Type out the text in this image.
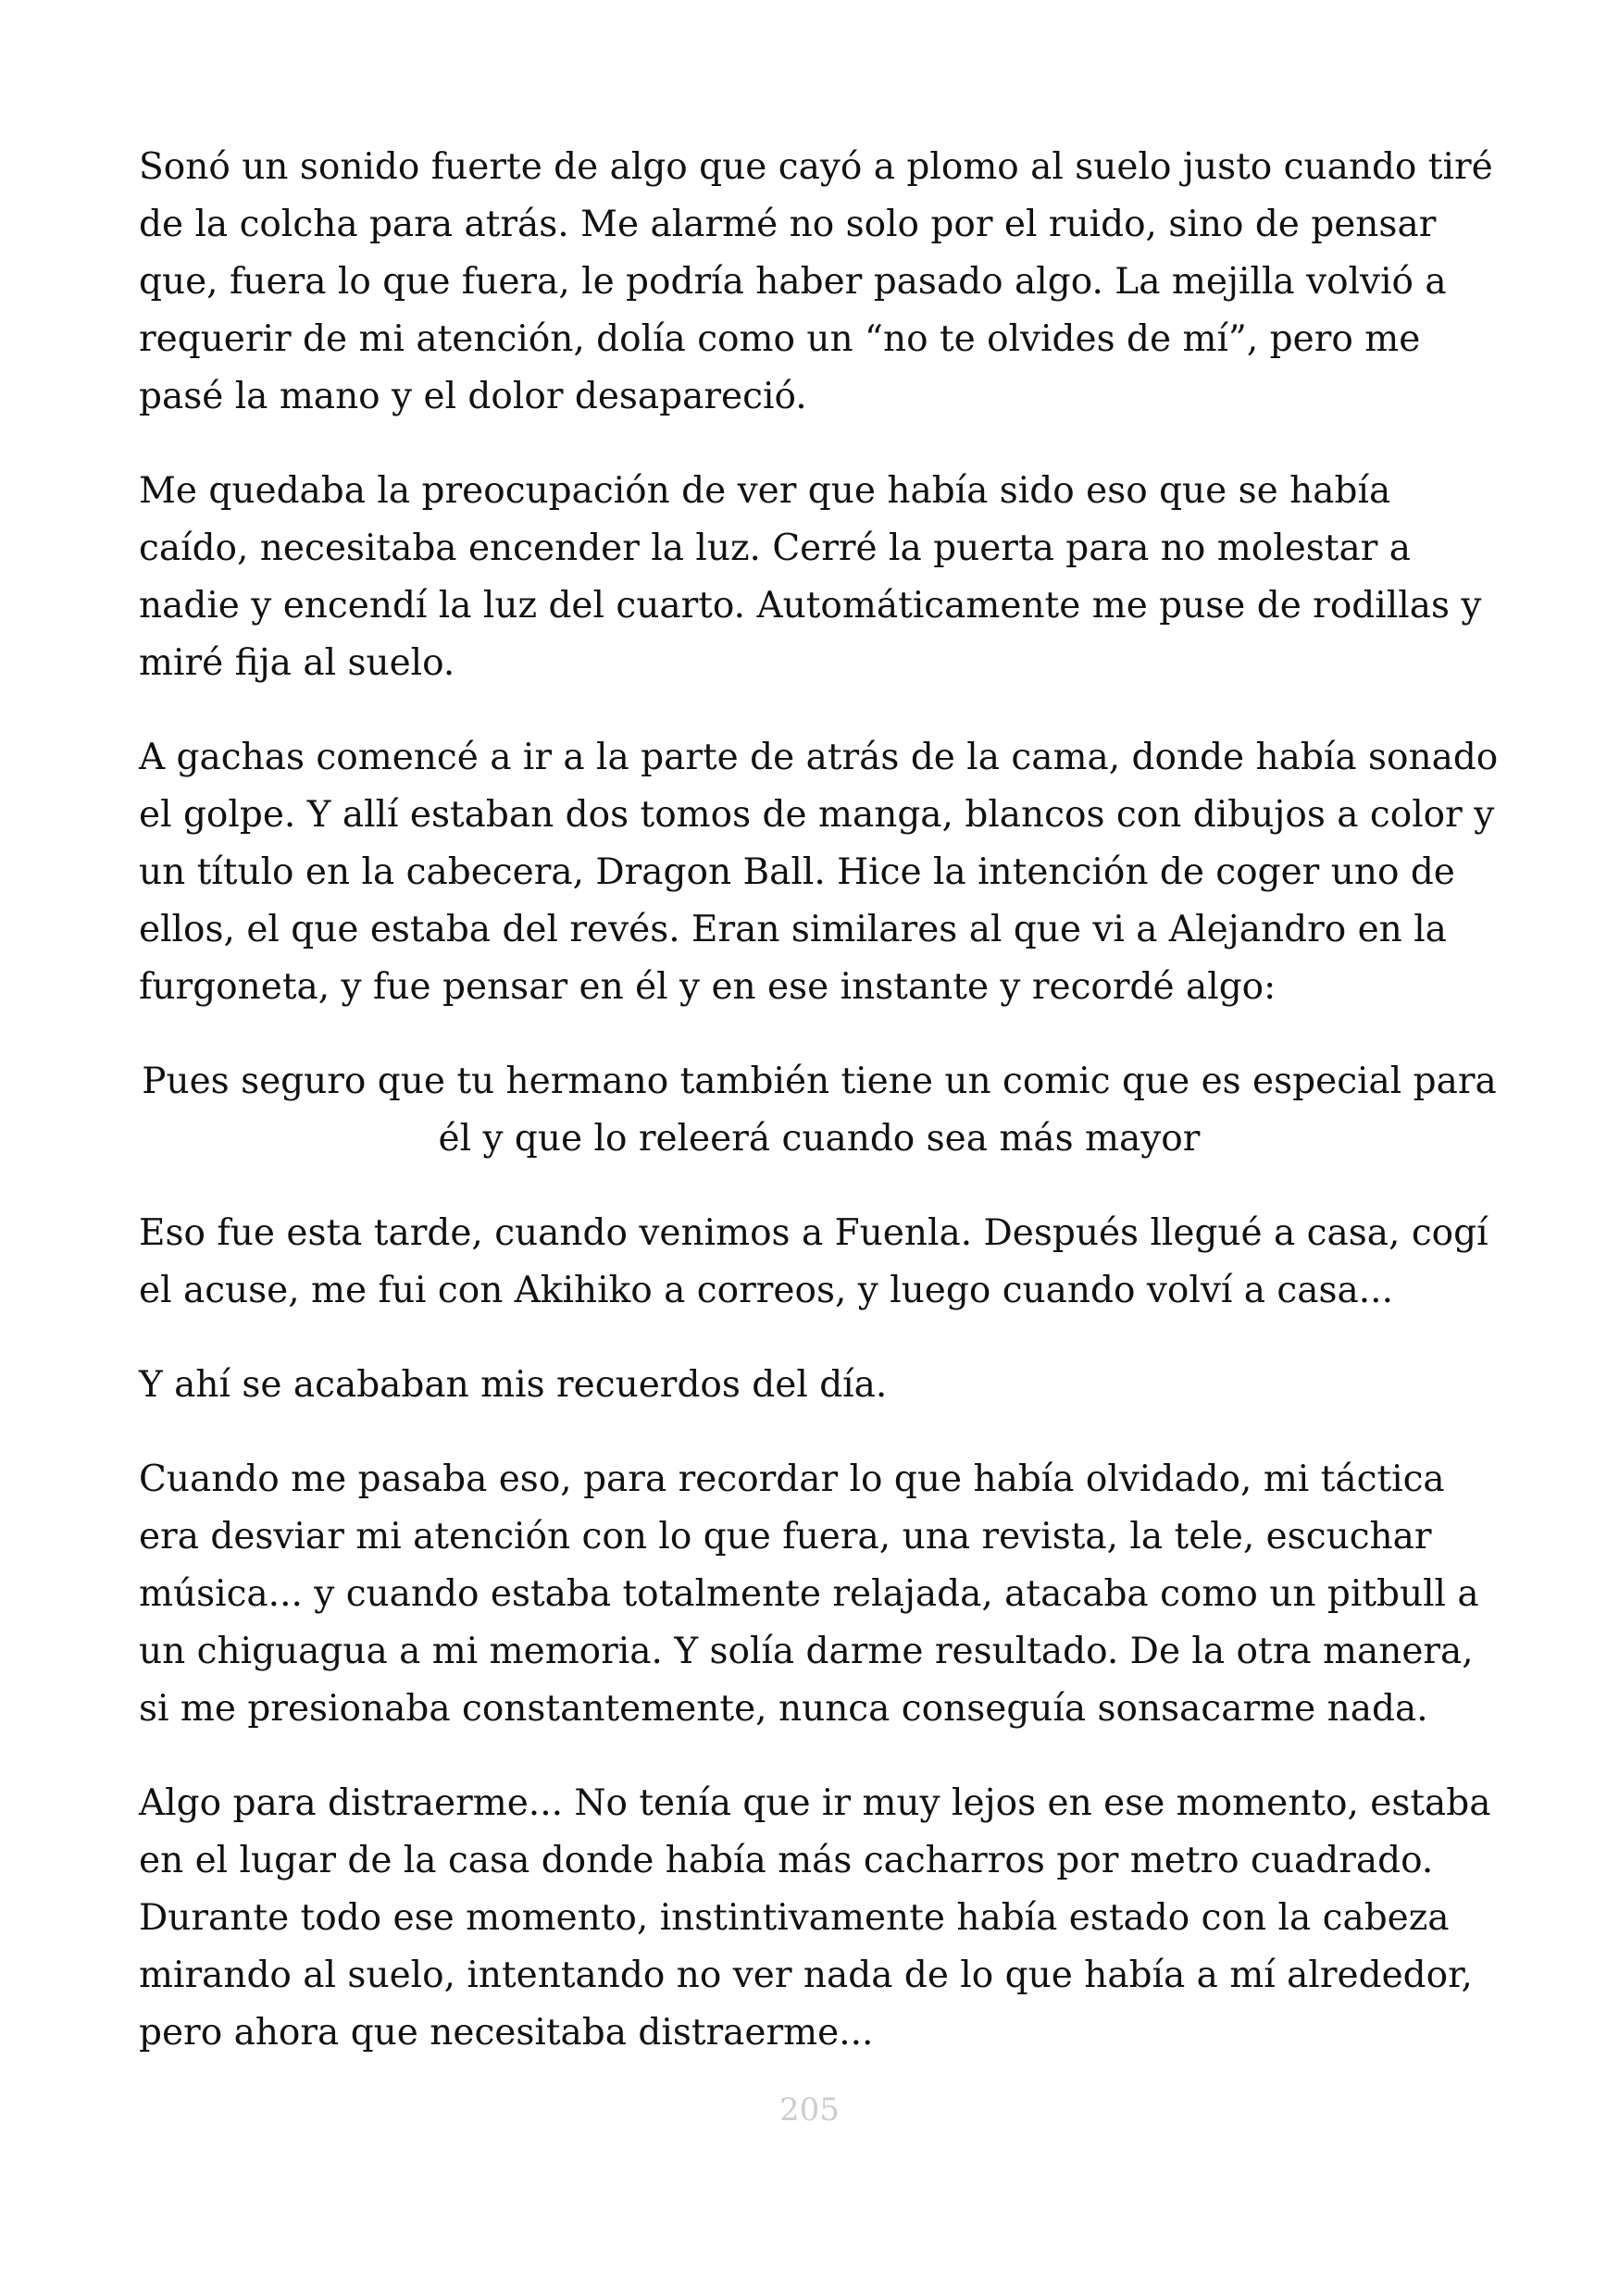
Sonó un sonido fuerte de algo que cayó a plomo al suelo justo cuando tiré de la colcha para atrás. Me alarmé no solo por el ruido, sino de pensar que, fuera lo que fuera, le podría haber pasado algo. La mejilla volvió a requerir de mi atención, dolía como un “no te olvides de mí”, pero me pasé la mano y el dolor desapareció.

Me quedaba la preocupación de ver que había sido eso que se había caído, necesitaba encender la luz. Cerré la puerta para no molestar a nadie y encendí la luz del cuarto. Automáticamente me puse de rodillas y miré fija al suelo.

A gachas comencé a ir a la parte de atrás de la cama, donde había sonado el golpe. Y allí estaban dos tomos de manga, blancos con dibujos a color y un título en la cabecera, Dragon Ball. Hice la intención de coger uno de ellos, el que estaba del revés. Eran similares al que vi a Alejandro en la furgoneta, y fue pensar en él y en ese instante y recordé algo:

Pues seguro que tu hermano también tiene un comic que es especial para él y que lo releerá cuando sea más mayor

Eso fue esta tarde, cuando venimos a Fuenla. Después llegué a casa, cogí el acuse, me fui con Akihiko a correos, y luego cuando volví a casa...

Y ahí se acababan mis recuerdos del día.

Cuando me pasaba eso, para recordar lo que había olvidado, mi táctica era desviar mi atención con lo que fuera, una revista, la tele, escuchar música... y cuando estaba totalmente relajada, atacaba como un pitbull a un chiguagua a mi memoria. Y solía darme resultado. De la otra manera, si me presionaba constantemente, nunca conseguía sonsacarme nada.

Algo para distraerme... No tenía que ir muy lejos en ese momento, estaba en el lugar de la casa donde había más cacharros por metro cuadrado. Durante todo ese momento, instintivamente había estado con la cabeza mirando al suelo, intentando no ver nada de lo que había a mí alrededor, pero ahora que necesitaba distraerme...

205
